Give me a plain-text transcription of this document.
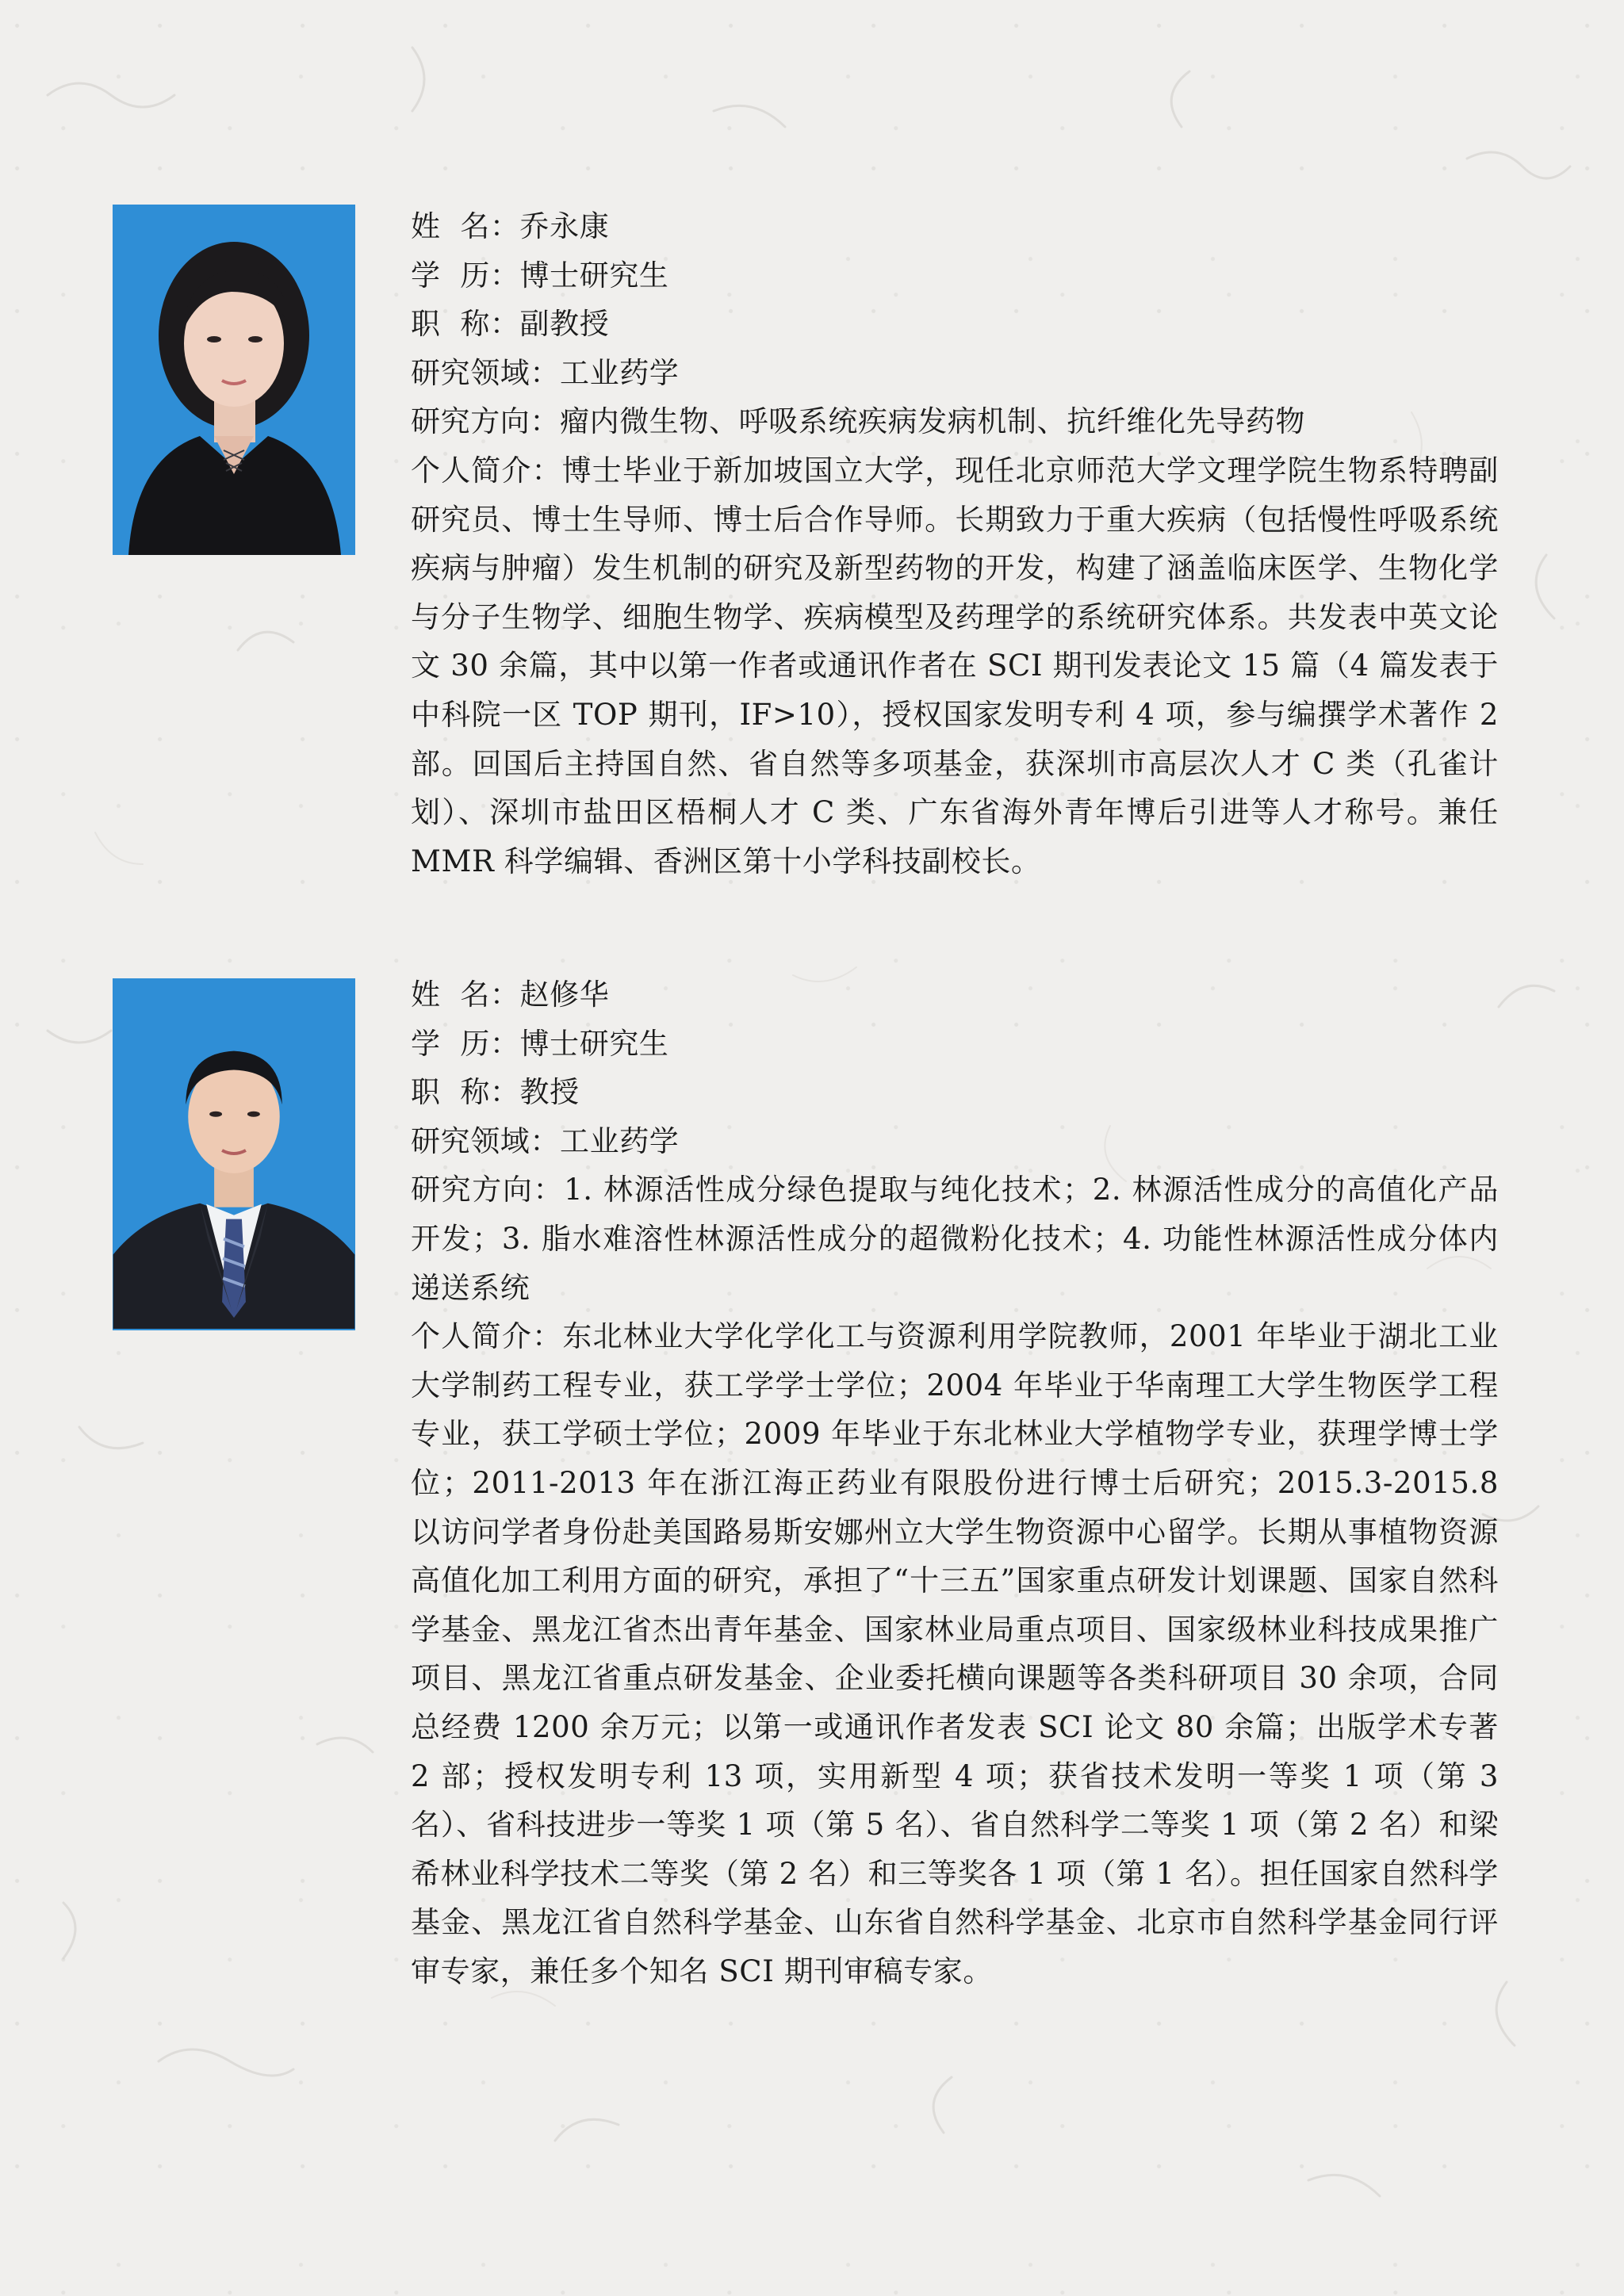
姓  名：乔永康

学  历：博士研究生

职  称：副教授

研究领域：工业药学

研究方向：瘤内微生物、呼吸系统疾病发病机制、抗纤维化先导药物

个人简介：博士毕业于新加坡国立大学，现任北京师范大学文理学院生物系特聘副研究员、博士生导师、博士后合作导师。长期致力于重大疾病（包括慢性呼吸系统疾病与肿瘤）发生机制的研究及新型药物的开发，构建了涵盖临床医学、生物化学与分子生物学、细胞生物学、疾病模型及药理学的系统研究体系。共发表中英文论文 30 余篇，其中以第一作者或通讯作者在 SCI 期刊发表论文 15 篇（4 篇发表于中科院一区 TOP 期刊，IF>10），授权国家发明专利 4 项，参与编撰学术著作 2 部。回国后主持国自然、省自然等多项基金，获深圳市高层次人才 C 类（孔雀计划）、深圳市盐田区梧桐人才 C 类、广东省海外青年博后引进等人才称号。兼任 MMR 科学编辑、香洲区第十小学科技副校长。

姓  名：赵修华

学  历：博士研究生

职  称：教授

研究领域：工业药学

研究方向：1. 林源活性成分绿色提取与纯化技术；2. 林源活性成分的高值化产品开发；3. 脂水难溶性林源活性成分的超微粉化技术；4. 功能性林源活性成分体内递送系统

个人简介：东北林业大学化学化工与资源利用学院教师，2001 年毕业于湖北工业大学制药工程专业，获工学学士学位；2004 年毕业于华南理工大学生物医学工程专业，获工学硕士学位；2009 年毕业于东北林业大学植物学专业，获理学博士学位；2011-2013 年在浙江海正药业有限股份进行博士后研究；2015.3-2015.8 以访问学者身份赴美国路易斯安娜州立大学生物资源中心留学。长期从事植物资源高值化加工利用方面的研究，承担了“十三五”国家重点研发计划课题、国家自然科学基金、黑龙江省杰出青年基金、国家林业局重点项目、国家级林业科技成果推广项目、黑龙江省重点研发基金、企业委托横向课题等各类科研项目 30 余项，合同总经费 1200 余万元；以第一或通讯作者发表 SCI 论文 80 余篇；出版学术专著 2 部；授权发明专利 13 项，实用新型 4 项；获省技术发明一等奖 1 项（第 3 名）、省科技进步一等奖 1 项（第 5 名）、省自然科学二等奖 1 项（第 2 名）和梁希林业科学技术二等奖（第 2 名）和三等奖各 1 项（第 1 名）。担任国家自然科学基金、黑龙江省自然科学基金、山东省自然科学基金、北京市自然科学基金同行评审专家，兼任多个知名 SCI 期刊审稿专家。
